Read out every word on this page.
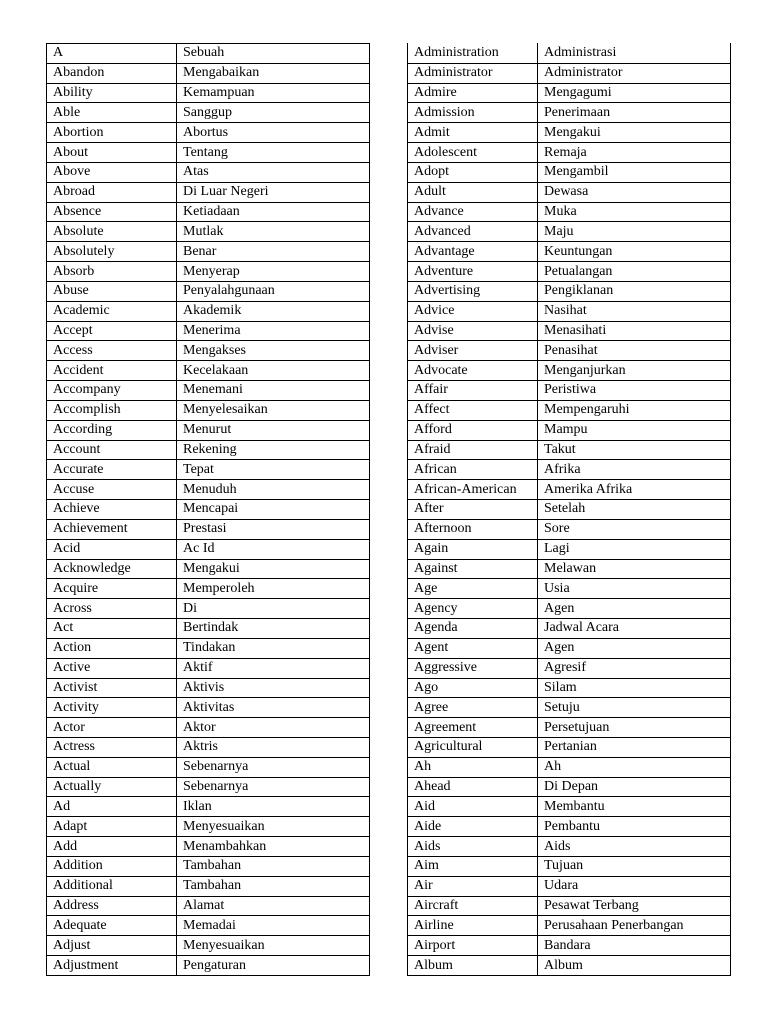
A	Sebuah
Abandon	Mengabaikan
Ability	Kemampuan
Able	Sanggup
Abortion	Abortus
About	Tentang
Above	Atas
Abroad	Di Luar Negeri
Absence	Ketiadaan
Absolute	Mutlak
Absolutely	Benar
Absorb	Menyerap
Abuse	Penyalahgunaan
Academic	Akademik
Accept	Menerima
Access	Mengakses
Accident	Kecelakaan
Accompany	Menemani
Accomplish	Menyelesaikan
According	Menurut
Account	Rekening
Accurate	Tepat
Accuse	Menuduh
Achieve	Mencapai
Achievement	Prestasi
Acid	Ac Id
Acknowledge	Mengakui
Acquire	Memperoleh
Across	Di
Act	Bertindak
Action	Tindakan
Active	Aktif
Activist	Aktivis
Activity	Aktivitas
Actor	Aktor
Actress	Aktris
Actual	Sebenarnya
Actually	Sebenarnya
Ad	Iklan
Adapt	Menyesuaikan
Add	Menambahkan
Addition	Tambahan
Additional	Tambahan
Address	Alamat
Adequate	Memadai
Adjust	Menyesuaikan
Adjustment	Pengaturan
Administration	Administrasi
Administrator	Administrator
Admire	Mengagumi
Admission	Penerimaan
Admit	Mengakui
Adolescent	Remaja
Adopt	Mengambil
Adult	Dewasa
Advance	Muka
Advanced	Maju
Advantage	Keuntungan
Adventure	Petualangan
Advertising	Pengiklanan
Advice	Nasihat
Advise	Menasihati
Adviser	Penasihat
Advocate	Menganjurkan
Affair	Peristiwa
Affect	Mempengaruhi
Afford	Mampu
Afraid	Takut
African	Afrika
African-American	Amerika Afrika
After	Setelah
Afternoon	Sore
Again	Lagi
Against	Melawan
Age	Usia
Agency	Agen
Agenda	Jadwal Acara
Agent	Agen
Aggressive	Agresif
Ago	Silam
Agree	Setuju
Agreement	Persetujuan
Agricultural	Pertanian
Ah	Ah
Ahead	Di Depan
Aid	Membantu
Aide	Pembantu
Aids	Aids
Aim	Tujuan
Air	Udara
Aircraft	Pesawat Terbang
Airline	Perusahaan Penerbangan
Airport	Bandara
Album	Album
